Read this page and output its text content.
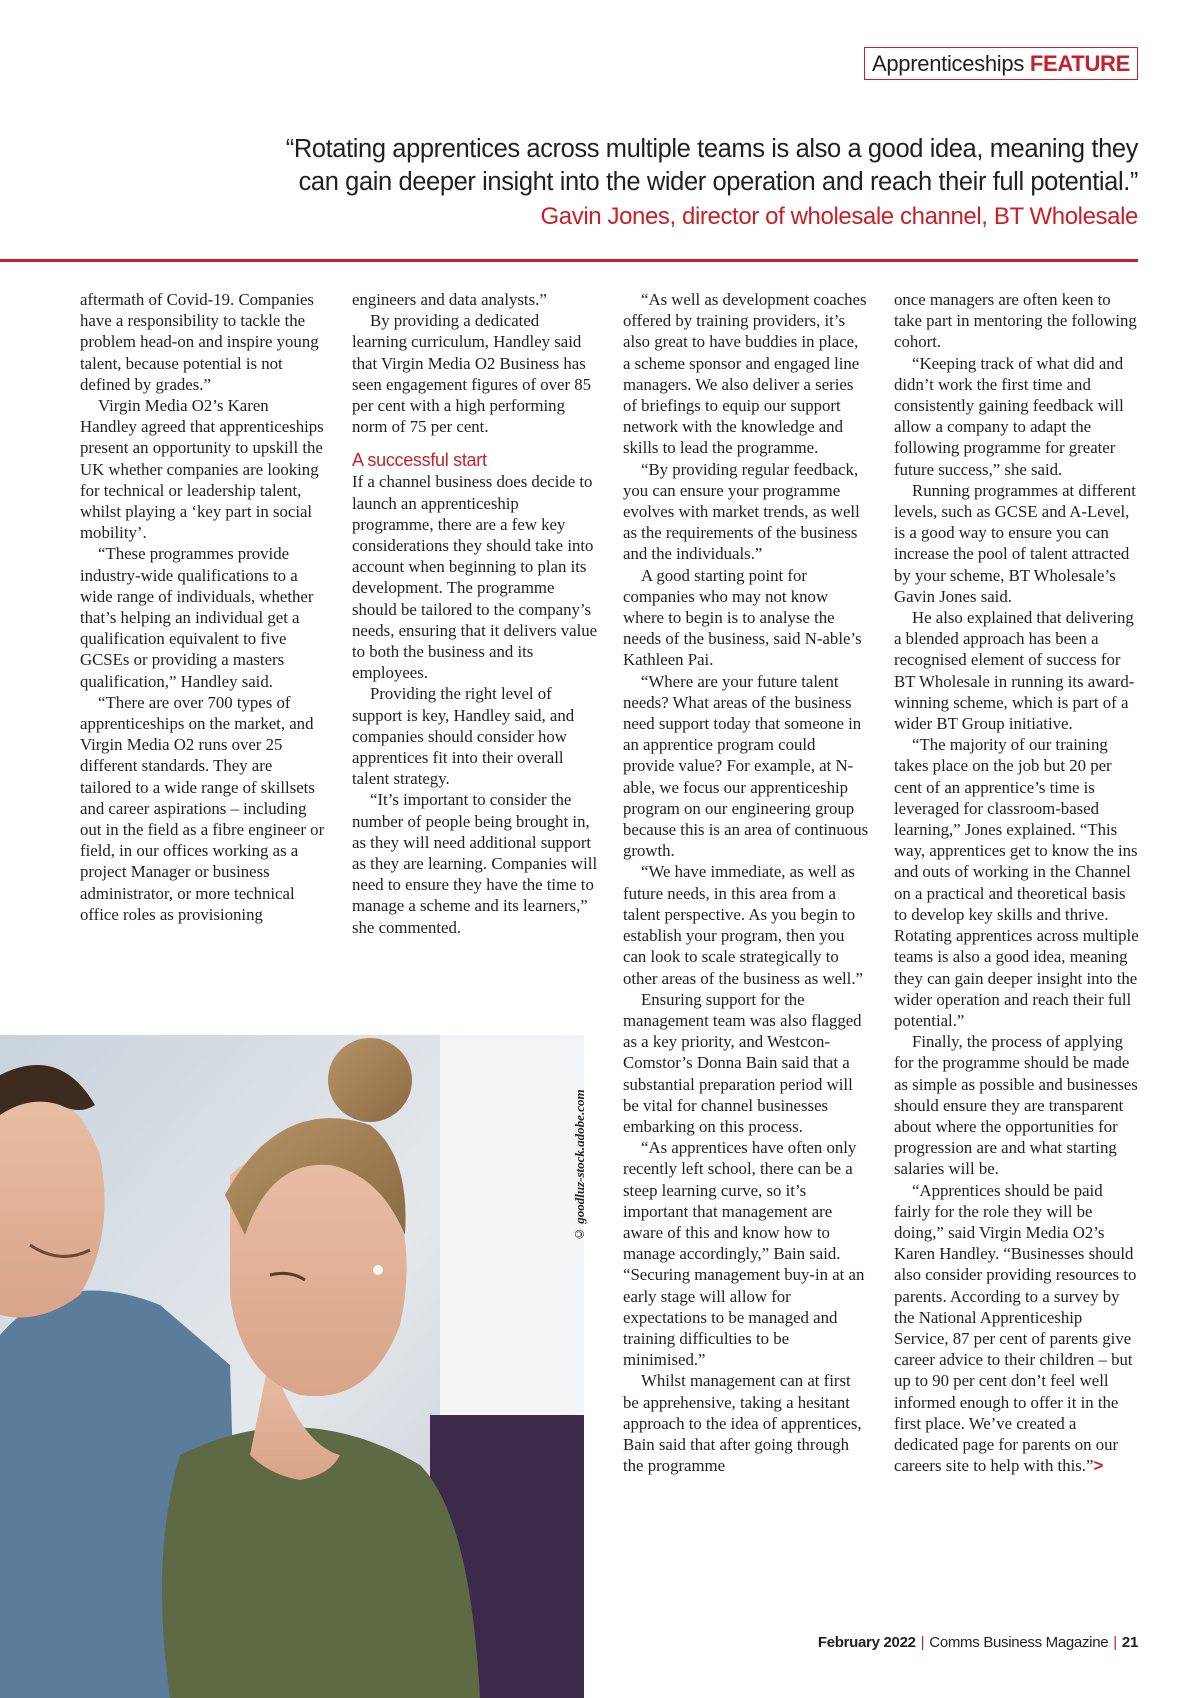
Apprenticeships FEATURE
“Rotating apprentices across multiple teams is also a good idea, meaning they can gain deeper insight into the wider operation and reach their full potential.”
Gavin Jones, director of wholesale channel, BT Wholesale

aftermath of Covid-19. Companies have a responsibility to tackle the problem head-on and inspire young talent, because potential is not defined by grades.”

Virgin Media O2’s Karen Handley agreed that apprenticeships present an opportunity to upskill the UK whether companies are looking for technical or leadership talent, whilst playing a ‘key part in social mobility’.

“These programmes provide industry-wide qualifications to a wide range of individuals, whether that’s helping an individual get a qualification equivalent to five GCSEs or providing a masters qualification,” Handley said.

“There are over 700 types of apprenticeships on the market, and Virgin Media O2 runs over 25 different standards. They are tailored to a wide range of skillsets and career aspirations – including out in the field as a fibre engineer or field, in our offices working as a project Manager or business administrator, or more technical office roles as provisioning

engineers and data analysts.”

By providing a dedicated learning curriculum, Handley said that Virgin Media O2 Business has seen engagement figures of over 85 per cent with a high performing norm of 75 per cent.

A successful start

If a channel business does decide to launch an apprenticeship programme, there are a few key considerations they should take into account when beginning to plan its development. The programme should be tailored to the company’s needs, ensuring that it delivers value to both the business and its employees.

Providing the right level of support is key, Handley said, and companies should consider how apprentices fit into their overall talent strategy.

“It’s important to consider the number of people being brought in, as they will need additional support as they are learning. Companies will need to ensure they have the time to manage a scheme and its learners,” she commented.

“As well as development coaches offered by training providers, it’s also great to have buddies in place, a scheme sponsor and engaged line managers. We also deliver a series of briefings to equip our support network with the knowledge and skills to lead the programme.

“By providing regular feedback, you can ensure your programme evolves with market trends, as well as the requirements of the business and the individuals.”

A good starting point for companies who may not know where to begin is to analyse the needs of the business, said N-able’s Kathleen Pai.

“Where are your future talent needs? What areas of the business need support today that someone in an apprentice program could provide value? For example, at N-able, we focus our apprenticeship program on our engineering group because this is an area of continuous growth.

“We have immediate, as well as future needs, in this area from a talent perspective. As you begin to establish your program, then you can look to scale strategically to other areas of the business as well.”

Ensuring support for the management team was also flagged as a key priority, and Westcon-Comstor’s Donna Bain said that a substantial preparation period will be vital for channel businesses embarking on this process.

“As apprentices have often only recently left school, there can be a steep learning curve, so it’s important that management are aware of this and know how to manage accordingly,” Bain said. “Securing management buy-in at an early stage will allow for expectations to be managed and training difficulties to be minimised.”

Whilst management can at first be apprehensive, taking a hesitant approach to the idea of apprentices, Bain said that after going through the programme

once managers are often keen to take part in mentoring the following cohort.

“Keeping track of what did and didn’t work the first time and consistently gaining feedback will allow a company to adapt the following programme for greater future success,” she said.

Running programmes at different levels, such as GCSE and A-Level, is a good way to ensure you can increase the pool of talent attracted by your scheme, BT Wholesale’s Gavin Jones said.

He also explained that delivering a blended approach has been a recognised element of success for BT Wholesale in running its award-winning scheme, which is part of a wider BT Group initiative.

“The majority of our training takes place on the job but 20 per cent of an apprentice’s time is leveraged for classroom-based learning,” Jones explained. “This way, apprentices get to know the ins and outs of working in the Channel on a practical and theoretical basis to develop key skills and thrive. Rotating apprentices across multiple teams is also a good idea, meaning they can gain deeper insight into the wider operation and reach their full potential.”

Finally, the process of applying for the programme should be made as simple as possible and businesses should ensure they are transparent about where the opportunities for progression are and what starting salaries will be.

“Apprentices should be paid fairly for the role they will be doing,” said Virgin Media O2’s Karen Handley. “Businesses should also consider providing resources to parents. According to a survey by the National Apprenticeship Service, 87 per cent of parents give career advice to their children – but up to 90 per cent don’t feel well informed enough to offer it in the first place. We’ve created a dedicated page for parents on our careers site to help with this.”>

© goodluz-stock.adobe.com
February 2022 | Comms Business Magazine | 21
